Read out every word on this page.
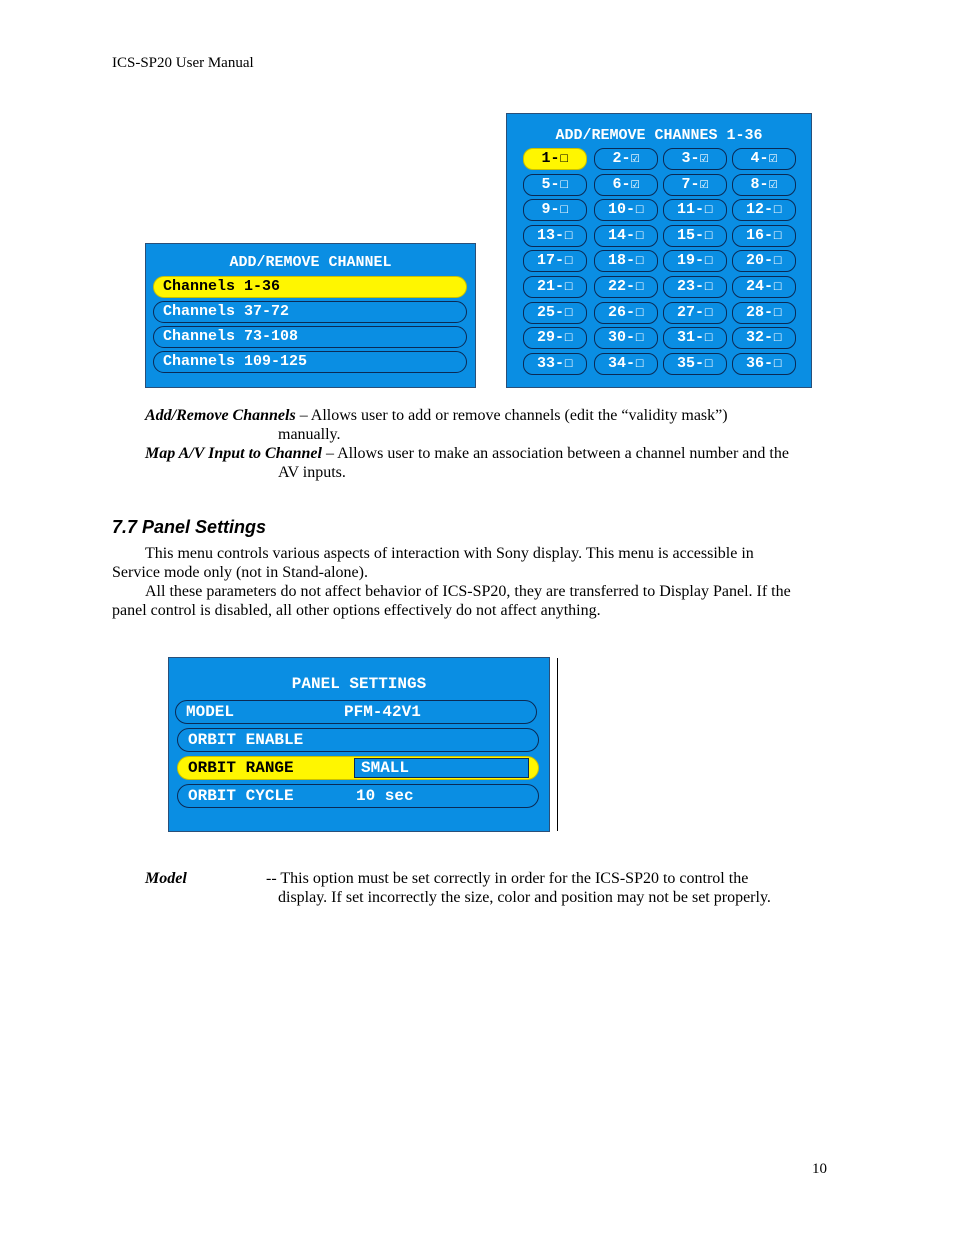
ICS-SP20 User Manual
ADD/REMOVE CHANNEL
Channels 1-36
Channels 37-72
Channels 73-108
Channels 109-125
ADD/REMOVE CHANNES 1-36
1-☐	2-☑	3-☑	4-☑
5-☐	6-☑	7-☑	8-☑
9-☐	10-☐	11-☐	12-☐
13-☐	14-☐	15-☐	16-☐
17-☐	18-☐	19-☐	20-☐
21-☐	22-☐	23-☐	24-☐
25-☐	26-☐	27-☐	28-☐
29-☐	30-☐	31-☐	32-☐
33-☐	34-☐	35-☐	36-☐
Add/Remove Channels – Allows user to add or remove channels (edit the “validity mask”)
manually.
Map A/V Input to Channel – Allows user to make an association between a channel number and the
AV inputs.
7.7 Panel Settings
This menu controls various aspects of interaction with Sony display. This menu is accessible in
Service mode only (not in Stand-alone).
All these parameters do not affect behavior of ICS-SP20, they are transferred to Display Panel. If the
panel control is disabled, all other options effectively do not affect anything.
PANEL SETTINGS
MODEL	PFM-42V1
ORBIT ENABLE
ORBIT RANGE	SMALL
ORBIT CYCLE	10 sec
Model	-- This option must be set correctly in order for the ICS-SP20 to control the
display. If set incorrectly the size, color and position may not be set properly.
10
